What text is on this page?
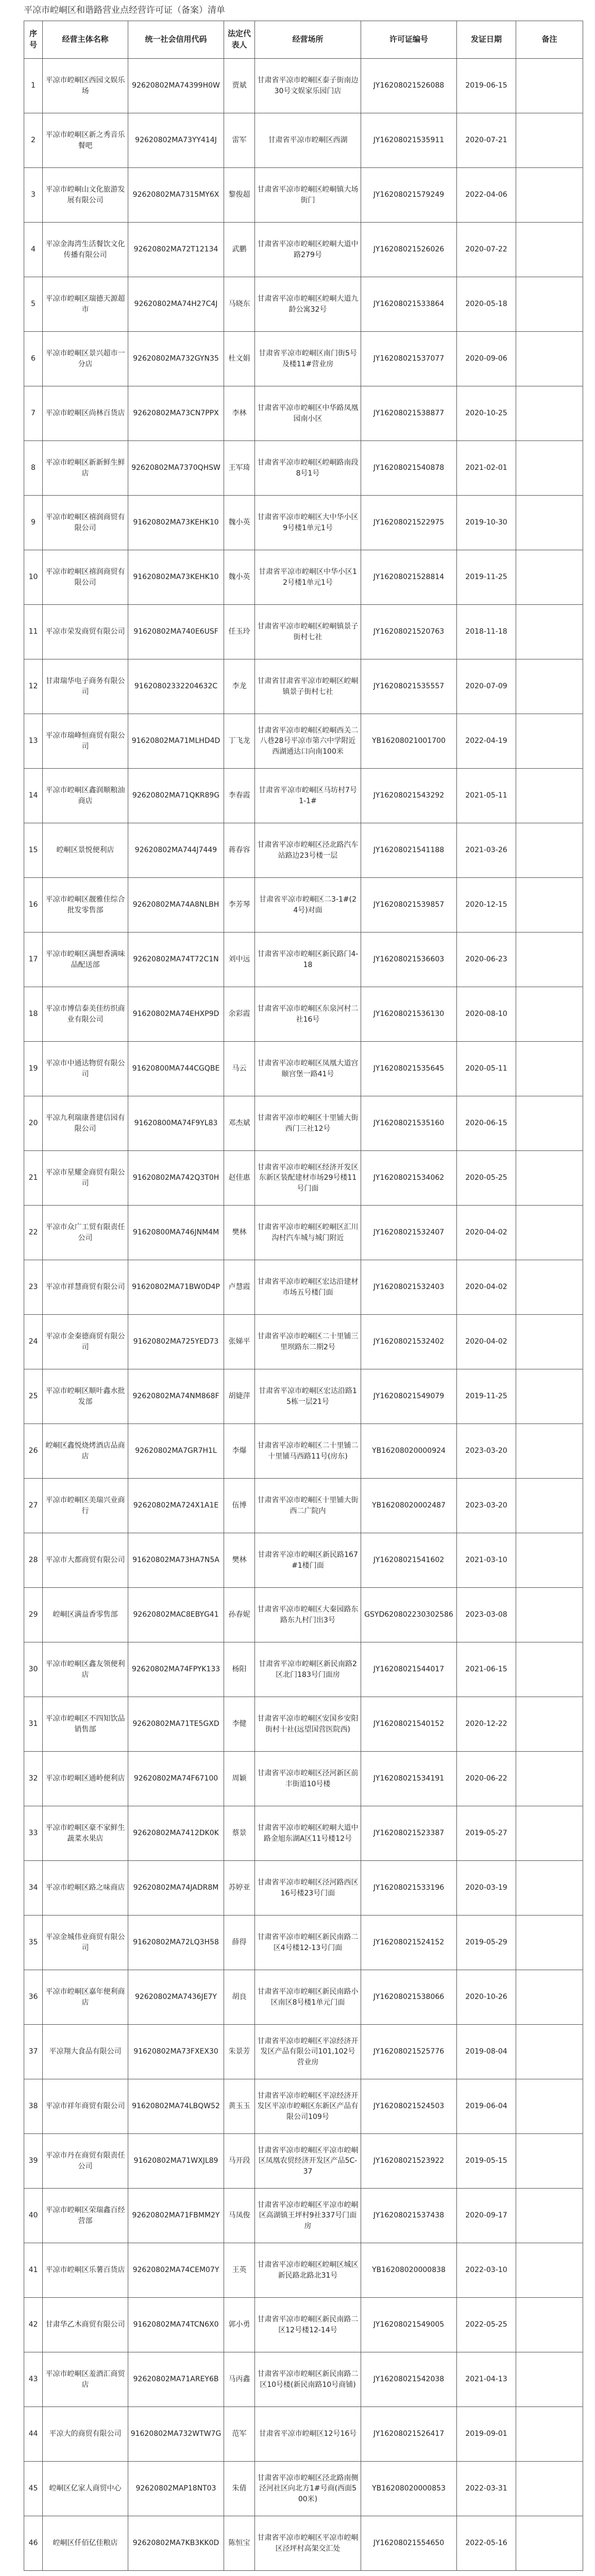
平凉市崆峒区和谐路营业点经营许可证（备案）清单
序号	经营主体名称	统一社会信用代码	法定代表人	经营场所	许可证编号	发证日期	备注
1	平凉市崆峒区西园文娱乐场	92620802MA74399H0W	贾斌	甘肃省平凉市崆峒区泰子街南边30号文娱家乐园门店	JY16208021526088	2019-06-15	
2	平凉市崆峒区新之秀音乐餐吧	92620802MA73YY414J	雷军	甘肃省平凉市崆峒区西湖	JY16208021535911	2020-07-21	
3	平凉市崆峒山文化旅游发展有限公司	92620802MA7315MY6X	黎俊超	甘肃省平凉市崆峒区崆峒镇大场街门	JY16208021579249	2022-04-06	
4	平凉金海湾生活餐饮文化传播有限公司	92620802MA72T12134	武鹏	甘肃省平凉市崆峒区崆峒大道中路279号	JY16208021526026	2020-07-22	
5	平凉市崆峒区瑞德天源超市	92620802MA74H27C4J	马晓东	甘肃省平凉市崆峒区崆峒大道九龄公寓32号	JY16208021533864	2020-05-18	
6	平凉市崆峒区景兴超市一分店	92620802MA732GYN35	杜文娟	甘肃省平凉市崆峒区南门街5号及楼11#营业房	JY16208021537077	2020-09-06	
7	平凉市崆峒区尚林百货店	92620802MA73CN7PPX	李林	甘肃省平凉市崆峒区中华路凤凰园南小区	JY16208021538877	2020-10-25	
8	平凉市崆峒区新新鲜生鲜店	92620802MA7370QHSW	王军琦	甘肃省平凉市崆峒区崆峒路南段8号1号	JY16208021540878	2021-02-01	
9	平凉市崆峒区禧润商贸有限公司	91620802MA73KEHK10	魏小英	甘肃省平凉市崆峒区大中华小区9号楼1单元1号	JY16208021522975	2019-10-30	
10	平凉市崆峒区禧润商贸有限公司	91620802MA73KEHK10	魏小英	甘肃省平凉市崆峒区中华小区12号楼1单元1号	JY16208021528814	2019-11-25	
11	平凉市荣发商贸有限公司	91620802MA740E6USF	任玉玲	甘肃省平凉市崆峒区崆峒镇景子街村七社	JY16208021520763	2018-11-18	
12	甘肃瑞华电子商务有限公司	91620802332204632C	李龙	甘肃省甘肃省平凉市崆峒区崆峒镇景子街村七社	JY16208021535557	2020-07-09	
13	平凉市瑞峰恒商贸有限公司	91620802MA71MLHD4D	丁飞龙	甘肃省平凉市崆峒区崆峒西关二八巷28号平凉市第六中学附近西湖通达口向南100米	YB16208021001700	2022-04-19	
14	平凉市崆峒区鑫润顺粮油商店	92620802MA71QKR89G	李春霞	甘肃省平凉市崆峒区马坊村7号1-1#	JY16208021543292	2021-05-11	
15	崆峒区景悦便利店	92620802MA744J7449	蒋春容	甘肃省平凉市崆峒区泾北路汽车站路边23号楼一层	JY16208021541188	2021-03-26	
16	平凉市崆峒区靓雅佳综合批发零售部	92620802MA74A8NLBH	李芳琴	甘肃省平凉市崆峒区二3-1#(24号)对面	JY16208021539857	2020-12-15	
17	平凉市崆峒区满想香满味品配送部	92620802MA74T72C1N	刘中远	甘肃省平凉市崆峒区新民路门4-18	JY16208021536603	2020-06-23	
18	平凉市博信泰美佳纺织商业有限公司	91620802MA74EHXP9D	余彩霞	甘肃省平凉市崆峒区东泉河村二社16号	JY16208021536130	2020-08-10	
19	平凉市中通达物贸有限公司	91620800MA744CGQBE	马云	甘肃省平凉市崆峒区凤凰大道宫颐宫堡一路41号	JY16208021535645	2020-05-11	
20	平凉九利瑞康普建信园有限公司	91620800MA74F9YL83	邓杰斌	甘肃省平凉市崆峒区十里铺大街西门三社12号	JY16208021535160	2020-06-15	
21	平凉市星耀金商贸有限公司	91620802MA742Q3T0H	赵佳惠	甘肃省平凉市崆峒区经济开发区东新区装配建材市场29号楼11号门面	JY16208021534062	2020-05-25	
22	平凉市众广工贸有限责任公司	91620800MA746JNM4M	樊林	甘肃省平凉市崆峒区崆峒区汇川沟村汽车城与城门附近	JY16208021532407	2020-04-02	
23	平凉市祥慧商贸有限公司	91620802MA71BW0D4P	卢慧霞	甘肃省平凉市崆峒区宏达沿建材市场五号楼门面	JY16208021532403	2020-04-02	
24	平凉市金秦德商贸有限公司	91620802MA725YED73	张娣平	甘肃省平凉市崆峒区二十里铺三里坝路东二期2号	JY16208021532402	2020-04-02	
25	平凉市崆峒区顺叶鑫水批发部	92620802MA74NM868F	胡婕萍	甘肃省平凉市崆峒区宏达沿路15栋一层21号	JY16208021549079	2019-11-25	
26	崆峒区鑫悦烧烤酒店品商店	92620802MA7GR7H1L	李爆	甘肃省平凉市崆峒区二十里铺二十里铺马西路11号(房东)	YB16208020000924	2023-03-20	
27	平凉市崆峒区美瑞兴业商行	92620802MA724X1A1E	伍博	甘肃省平凉市崆峒区十里铺大街西二广院内	YB16208020002487	2023-03-20	
28	平凉市大都商贸有限公司	91620802MA73HA7N5A	樊林	甘肃省平凉市崆峒区新民路167#1楼门面	JY16208021541602	2021-03-10	
29	崆峒区满益香零售部	92620802MAC8EBYG41	孙春妮	甘肃省平凉市崆峒区大秦园路东路东九村门出3号	GSYD620802230302586	2023-03-08	
30	平凉市崆峒区鑫友领便利店	92620802MA74FPYK133	杨阳	甘肃省平凉市崆峒区新民南路2区北门183号门面房	JY16208021544017	2021-06-15	
31	平凉市崆峒区不四知饮品销售部	92620802MA71TE5GXD	李健	甘肃省平凉市崆峒区安国乡安阳街村十社(远望国营医院西)	JY16208021540152	2020-12-22	
32	平凉市崆峒区通岭便利店	92620802MA74F67100	周颖	甘肃省平凉市崆峒区泾河新区前丰街道10号楼	JY16208021534191	2020-06-22	
33	平凉市崆峒区豪不家鲜生蔬菜水果店	92620802MA7412DK0K	蔡景	甘肃省平凉市崆峒区崆峒大道中路金旭东湖A区11号楼12号	JY16208021523387	2019-05-27	
34	平凉市崆峒区路之味商店	92620802MA74JADR8M	苏婷亚	甘肃省平凉市崆峒区泾河路西区16号楼23号门面	JY16208021533196	2020-03-19	
35	平凉金城伟业商贸有限公司	91620802MA72LQ3H58	薛得	甘肃省平凉市崆峒区新民南路二区4号楼12-13号门面	JY16208021524152	2019-05-29	
36	平凉市崆峒区嘉年便利商店	92620802MA7436JE7Y	胡良	甘肃省平凉市崆峒区新民南路小区南区8号楼1单元门面	JY16208021538066	2020-10-26	
37	平凉翔大食品有限公司	91620802MA73FXEX30	朱景芳	甘肃省平凉市崆峒区平凉经济开发区产品有限公司101,102号营业房	JY16208021525776	2019-08-04	
38	平凉市祥年商贸有限公司	91620802MA74LBQW52	黄玉玉	甘肃省平凉市崆峒区平凉经济开发区平凉市崆峒区东新区产品有限公司109号	JY16208021524503	2019-06-04	
39	平凉市丹在商贸有限责任公司	91620802MA71WXJL89	马开段	甘肃省平凉市崆峒区平凉市崆峒区凤凰农贸经济开发区产品5C-37	JY16208021523922	2019-05-15	
40	平凉市崆峒区荣瑞鑫百经营部	92620802MA71FBMM2Y	马凤俊	甘肃省平凉市崆峒区平凉市崆峒区高湖镇王坪村9社337号门面房	JY16208021537438	2020-09-17	
41	平凉市崆峒区乐薯百货店	92620802MA74CEM07Y	王英	甘肃省平凉市崆峒区崆峒区城区新民路北路北31号	YB16208020000838	2022-03-10	
42	甘肃华乙木商贸有限公司	91620802MA74TCN6X0	郭小勇	甘肃省平凉市崆峒区新民南路二区12号楼12-14号	JY16208021549005	2022-05-25	
43	平凉市崆峒区羞酒汇商贸店	92620802MA71AREY6B	马丙鑫	甘肃省平凉市崆峒区新民南路二区10号楼(新民南路10号商铺)	JY16208021542038	2021-04-13	
44	平凉大的商贸有限公司	91620802MA732WTW7G	范军	甘肃省平凉市崆峒区12号16号	JY16208021526417	2019-09-01	
45	崆峒区亿家人商贸中心	92620802MAP18NT03	朱倩	甘肃省平凉市崆峒区泾北路南侧泾河社区向北方1#号商(西面500米)	YB16208020000853	2022-03-31	
46	崆峒区仟佰亿佳粮店	92620802MA7KB3KK0D	陈恒宝	甘肃省平凉市崆峒区平凉市崆峒区泾坪村高架交汇处	JY16208021554650	2022-05-16	
